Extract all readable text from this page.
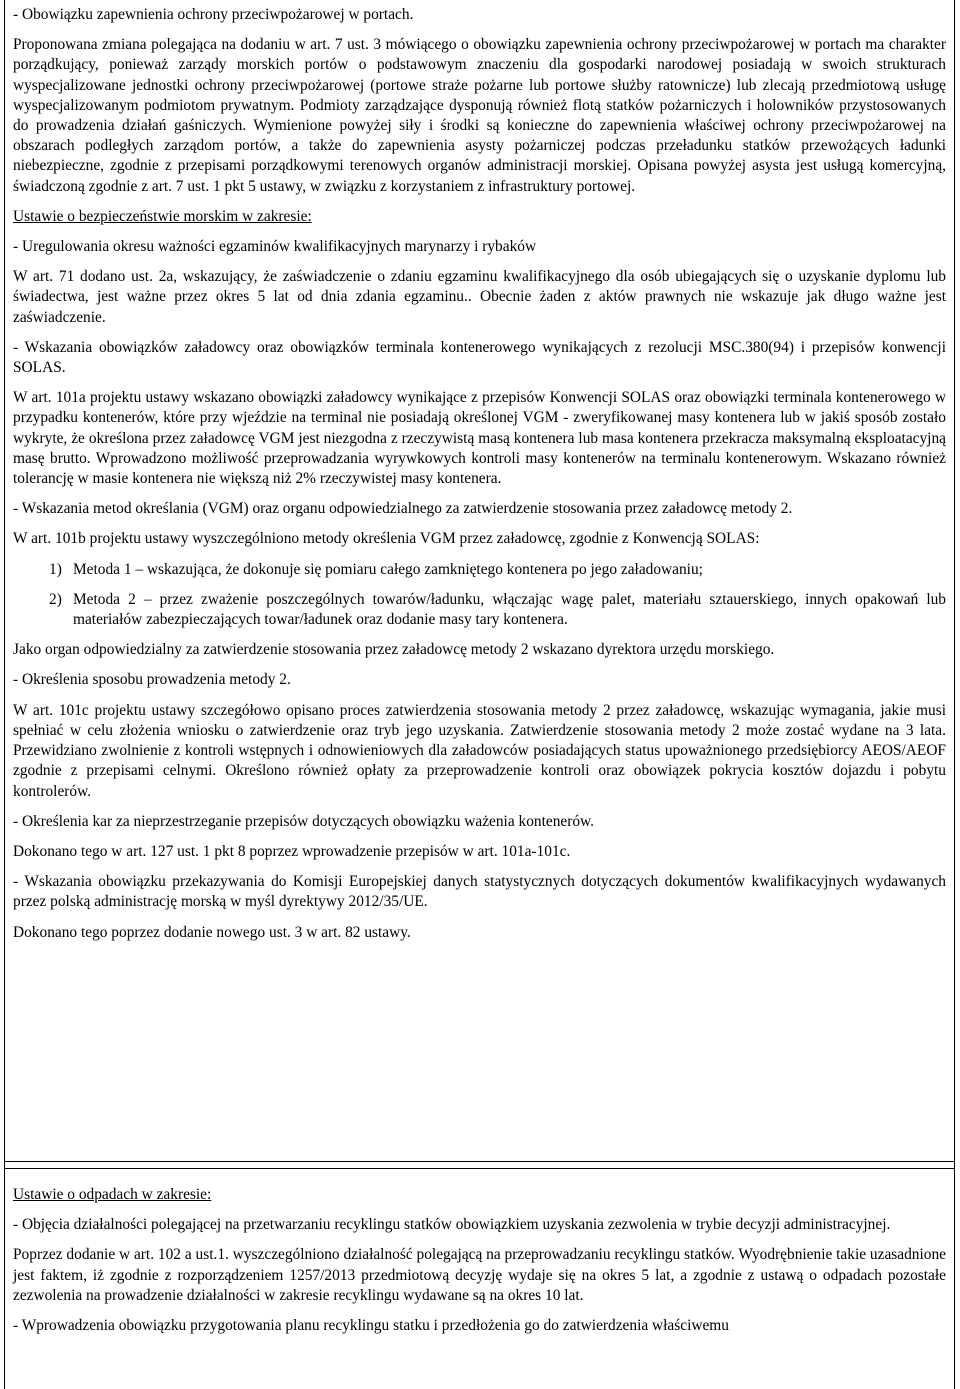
- Obowiązku zapewnienia ochrony przeciwpożarowej w portach.

Proponowana zmiana polegająca na dodaniu w art. 7 ust. 3 mówiącego o obowiązku zapewnienia ochrony przeciwpożarowej w portach ma charakter porządkujący, ponieważ zarządy morskich portów o podstawowym znaczeniu dla gospodarki narodowej posiadają w swoich strukturach wyspecjalizowane jednostki ochrony przeciwpożarowej (portowe straże pożarne lub portowe służby ratownicze) lub zlecają przedmiotową usługę wyspecjalizowanym podmiotom prywatnym. Podmioty zarządzające dysponują również flotą statków pożarniczych i holowników przystosowanych do prowadzenia działań gaśniczych. Wymienione powyżej siły i środki są konieczne do zapewnienia właściwej ochrony przeciwpożarowej na obszarach podległych zarządom portów, a także do zapewnienia asysty pożarniczej podczas przeładunku statków przewożących ładunki niebezpieczne, zgodnie z przepisami porządkowymi terenowych organów administracji morskiej. Opisana powyżej asysta jest usługą komercyjną, świadczoną zgodnie z art. 7 ust. 1 pkt 5 ustawy, w związku z korzystaniem z infrastruktury portowej.

Ustawie o bezpieczeństwie morskim w zakresie:

- Uregulowania okresu ważności egzaminów kwalifikacyjnych marynarzy i rybaków

W art. 71 dodano ust. 2a, wskazujący, że zaświadczenie o zdaniu egzaminu kwalifikacyjnego dla osób ubiegających się o uzyskanie dyplomu lub świadectwa, jest ważne przez okres 5 lat od dnia zdania egzaminu.. Obecnie żaden z aktów prawnych nie wskazuje jak długo ważne jest zaświadczenie.

- Wskazania obowiązków załadowcy oraz obowiązków terminala kontenerowego wynikających z rezolucji MSC.380(94) i przepisów konwencji SOLAS.

W art. 101a projektu ustawy wskazano obowiązki załadowcy wynikające z przepisów Konwencji SOLAS oraz obowiązki terminala kontenerowego w przypadku kontenerów, które przy wjeździe na terminal nie posiadają określonej VGM - zweryfikowanej masy kontenera lub w jakiś sposób zostało wykryte, że określona przez załadowcę VGM jest niezgodna z rzeczywistą masą kontenera lub masa kontenera przekracza maksymalną eksploatacyjną masę brutto. Wprowadzono możliwość przeprowadzania wyrywkowych kontroli masy kontenerów na terminalu kontenerowym. Wskazano również tolerancję w masie kontenera nie większą niż 2% rzeczywistej masy kontenera.

- Wskazania metod określania (VGM) oraz organu odpowiedzialnego za zatwierdzenie stosowania przez załadowcę metody 2.

W art. 101b projektu ustawy wyszczególniono metody określenia VGM przez załadowcę, zgodnie z Konwencją SOLAS:

1) Metoda 1 – wskazująca, że dokonuje się pomiaru całego zamkniętego kontenera po jego załadowaniu;
2) Metoda 2 – przez zważenie poszczególnych towarów/ładunku, włączając wagę palet, materiału sztauerskiego, innych opakowań lub materiałów zabezpieczających towar/ładunek oraz dodanie masy tary kontenera.

Jako organ odpowiedzialny za zatwierdzenie stosowania przez załadowcę metody 2 wskazano dyrektora urzędu morskiego.

- Określenia sposobu prowadzenia metody 2.

W art. 101c projektu ustawy szczegółowo opisano proces zatwierdzenia stosowania metody 2 przez załadowcę, wskazując wymagania, jakie musi spełniać w celu złożenia wniosku o zatwierdzenie oraz tryb jego uzyskania. Zatwierdzenie stosowania metody 2 może zostać wydane na 3 lata. Przewidziano zwolnienie z kontroli wstępnych i odnowieniowych dla załadowców posiadających status upoważnionego przedsiębiorcy AEOS/AEOF zgodnie z przepisami celnymi. Określono również opłaty za przeprowadzenie kontroli oraz obowiązek pokrycia kosztów dojazdu i pobytu kontrolerów.

- Określenia kar za nieprzestrzeganie przepisów dotyczących obowiązku ważenia kontenerów.

Dokonano tego w art. 127 ust. 1 pkt 8 poprzez wprowadzenie przepisów w art. 101a-101c.

- Wskazania obowiązku przekazywania do Komisji Europejskiej danych statystycznych dotyczących dokumentów kwalifikacyjnych wydawanych przez polską administrację morską w myśl dyrektywy 2012/35/UE.

Dokonano tego poprzez dodanie nowego ust. 3 w art. 82 ustawy.

Ustawie o odpadach w zakresie:

- Objęcia działalności polegającej na przetwarzaniu recyklingu statków obowiązkiem uzyskania zezwolenia w trybie decyzji administracyjnej.

Poprzez dodanie w art. 102 a ust.1. wyszczególniono działalność polegającą na przeprowadzaniu recyklingu statków. Wyodrębnienie takie uzasadnione jest faktem, iż zgodnie z rozporządzeniem 1257/2013 przedmiotową decyzję wydaje się na okres 5 lat, a zgodnie z ustawą o odpadach pozostałe zezwolenia na prowadzenie działalności w zakresie recyklingu wydawane są na okres 10 lat.

- Wprowadzenia obowiązku przygotowania planu recyklingu statku i przedłożenia go do zatwierdzenia właściwemu
